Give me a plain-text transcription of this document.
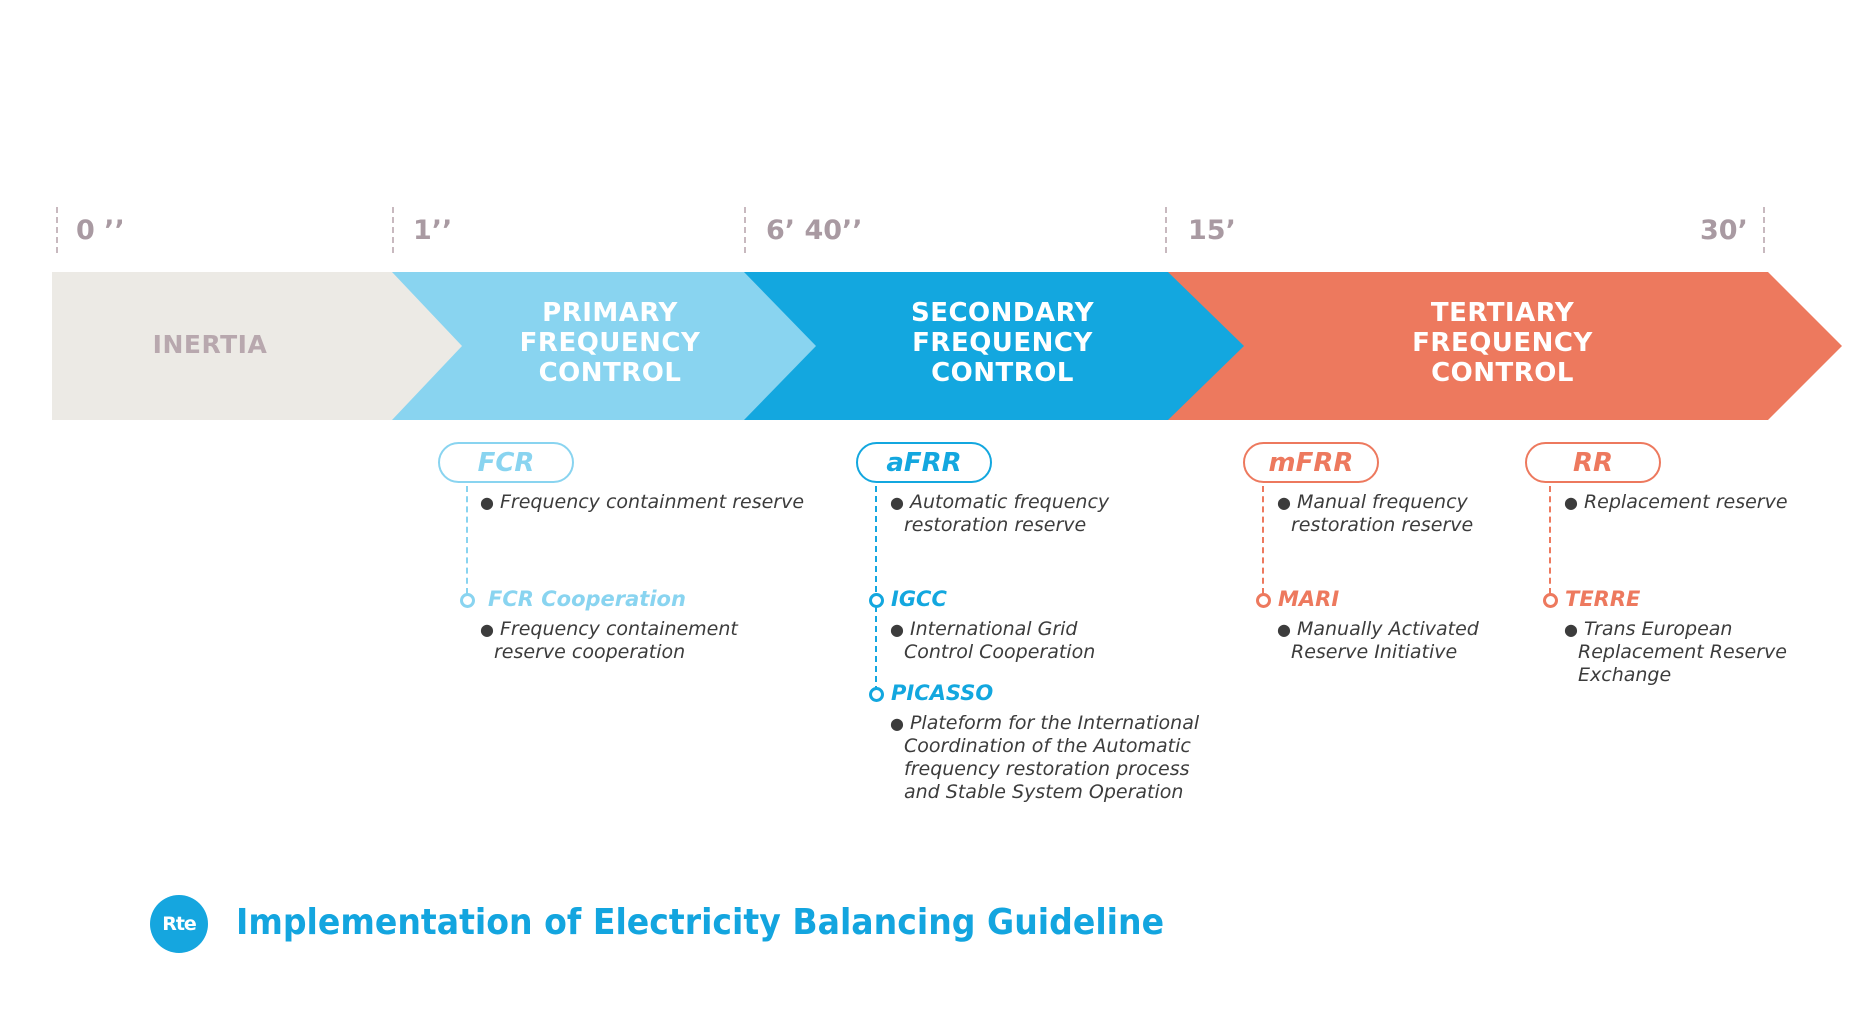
0 ’’	1’’	6’ 40’’	15’	30’
INERTIA
PRIMARY
FREQUENCY
CONTROL
SECONDARY
FREQUENCY
CONTROL
TERTIARY
FREQUENCY
CONTROL
FCR
● Frequency containment reserve
FCR Cooperation
● Frequency containement
reserve cooperation
aFRR
● Automatic frequency
restoration reserve
IGCC
● International Grid
Control Cooperation
PICASSO
● Plateform for the International
Coordination of the Automatic
frequency restoration process
and Stable System Operation
mFRR
● Manual frequency
restoration reserve
MARI
● Manually Activated
Reserve Initiative
RR
● Replacement reserve
TERRE
● Trans European
Replacement Reserve
Exchange
Rte	Implementation of Electricity Balancing Guideline
